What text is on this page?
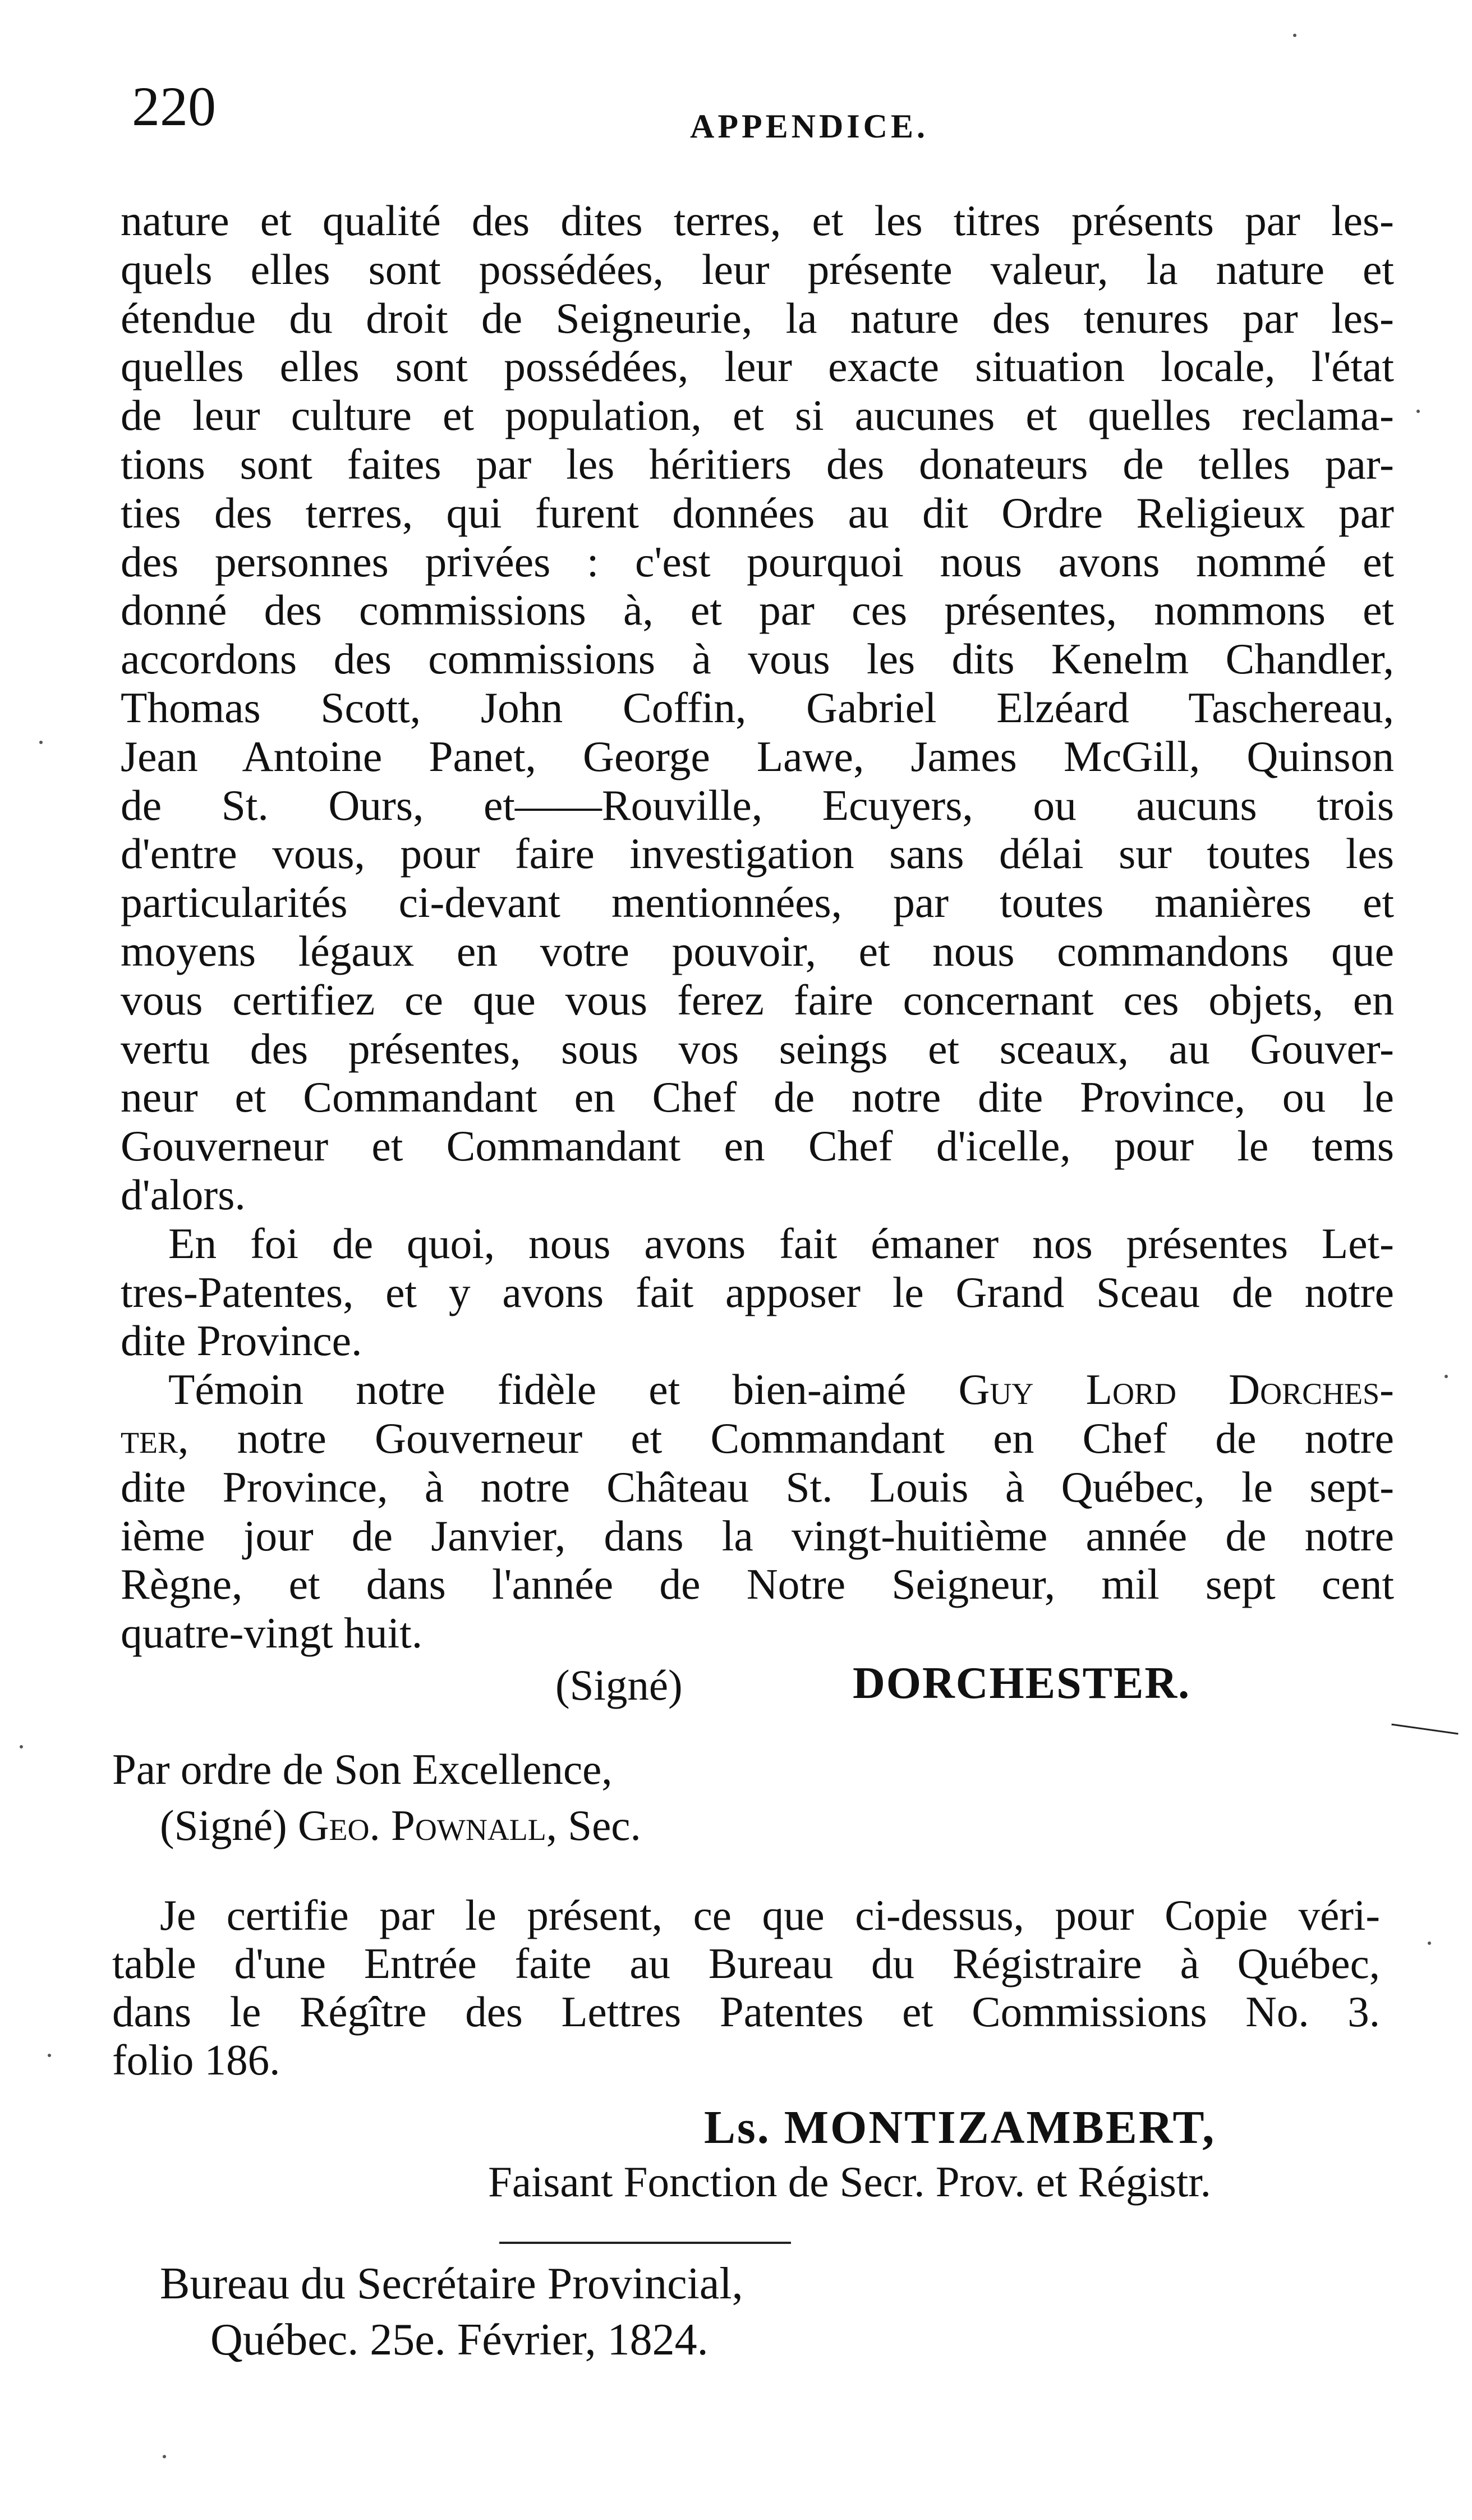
220	APPENDICE.
nature et qualité des dites terres, et les titres présents par les-
quels elles sont possédées, leur présente valeur, la nature et
étendue du droit de Seigneurie, la nature des tenures par les-
quelles elles sont possédées, leur exacte situation locale, l'état
de leur culture et population, et si aucunes et quelles reclama-
tions sont faites par les héritiers des donateurs de telles par-
ties des terres, qui furent données au dit Ordre Religieux par
des personnes privées : c'est pourquoi nous avons nommé et
donné des commissions à, et par ces présentes, nommons et
accordons des commissions à vous les dits Kenelm Chandler,
Thomas Scott, John Coffin, Gabriel Elzéard Taschereau,
Jean Antoine Panet, George Lawe, James McGill, Quinson
de St. Ours, et——Rouville, Ecuyers, ou aucuns trois
d'entre vous, pour faire investigation sans délai sur toutes les
particularités ci-devant mentionnées, par toutes manières et
moyens légaux en votre pouvoir, et nous commandons que
vous certifiez ce que vous ferez faire concernant ces objets, en
vertu des présentes, sous vos seings et sceaux, au Gouver-
neur et Commandant en Chef de notre dite Province, ou le
Gouverneur et Commandant en Chef d'icelle, pour le tems
d'alors.
En foi de quoi, nous avons fait émaner nos présentes Let-
tres-Patentes, et y avons fait apposer le Grand Sceau de notre
dite Province.
Témoin notre fidèle et bien-aimé Guy Lord Dorches-
ter, notre Gouverneur et Commandant en Chef de notre
dite Province, à notre Château St. Louis à Québec, le sept-
ième jour de Janvier, dans la vingt-huitième année de notre
Règne, et dans l'année de Notre Seigneur, mil sept cent
quatre-vingt huit.
(Signé)	DORCHESTER.
Par ordre de Son Excellence,
(Signé) Geo. Pownall, Sec.
Je certifie par le présent, ce que ci-dessus, pour Copie véri-
table d'une Entrée faite au Bureau du Régistraire à Québec,
dans le Régître des Lettres Patentes et Commissions No. 3.
folio 186.
Ls. MONTIZAMBERT,
Faisant Fonction de Secr. Prov. et Régistr.
Bureau du Secrétaire Provincial,
Québec. 25e. Février, 1824.
